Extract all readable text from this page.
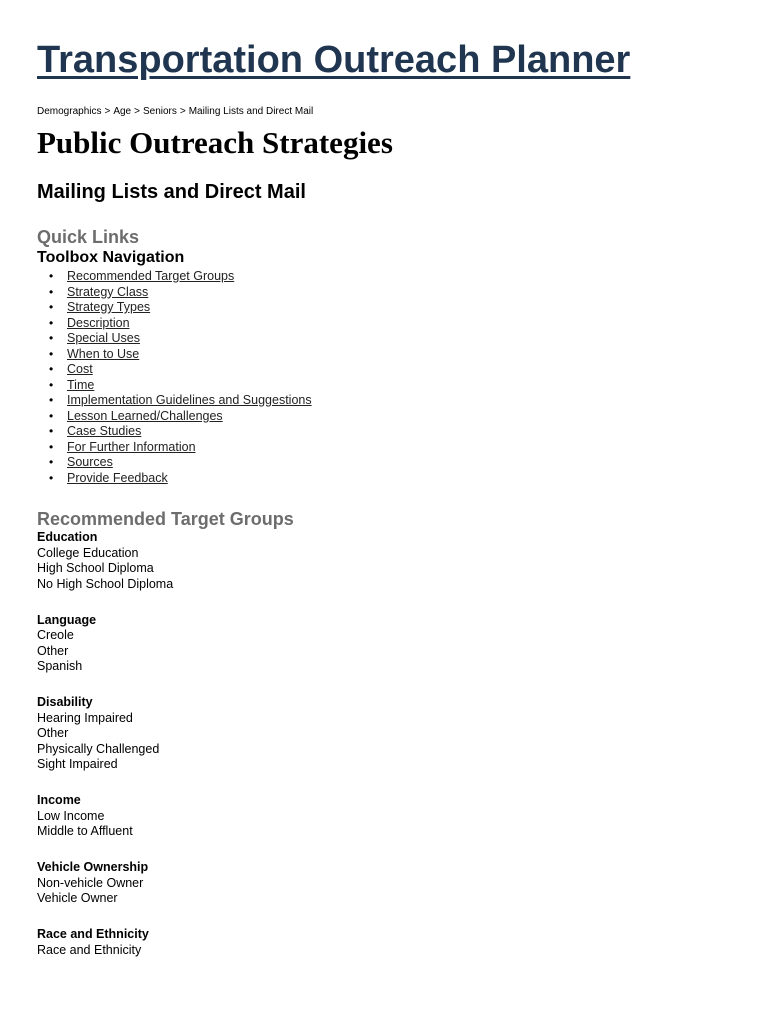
Transportation Outreach Planner
Demographics > Age > Seniors > Mailing Lists and Direct Mail
Public Outreach Strategies
Mailing Lists and Direct Mail
Quick Links
Toolbox Navigation
• Recommended Target Groups
• Strategy Class
• Strategy Types
• Description
• Special Uses
• When to Use
• Cost
• Time
• Implementation Guidelines and Suggestions
• Lesson Learned/Challenges
• Case Studies
• For Further Information
• Sources
• Provide Feedback
Recommended Target Groups
Education
College Education
High School Diploma
No High School Diploma
Language
Creole
Other
Spanish
Disability
Hearing Impaired
Other
Physically Challenged
Sight Impaired
Income
Low Income
Middle to Affluent
Vehicle Ownership
Non-vehicle Owner
Vehicle Owner
Race and Ethnicity
Race and Ethnicity
